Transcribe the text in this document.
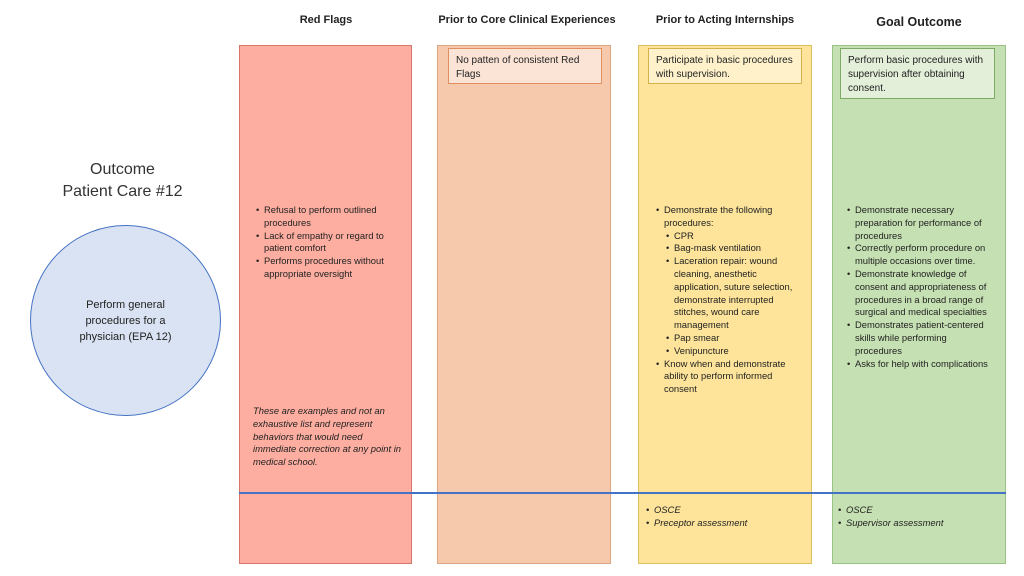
Red Flags	Prior to Core Clinical Experiences	Prior to Acting Internships	Goal Outcome
No patten of consistent Red Flags
Participate in basic procedures with supervision.
Perform basic procedures with supervision after obtaining consent.
Outcome
Patient Care #12
Perform general procedures for a physician (EPA 12)
• Refusal to perform outlined procedures
• Lack of empathy or regard to patient comfort
• Performs procedures without appropriate oversight
These are examples and not an exhaustive list and represent behaviors that would need immediate correction at any point in medical school.
• Demonstrate the following procedures:
• CPR
• Bag-mask ventilation
• Laceration repair: wound cleaning, anesthetic application, suture selection, demonstrate interrupted stitches, wound care management
• Pap smear
• Venipuncture
• Know when and demonstrate ability to perform informed consent
• Demonstrate necessary preparation for performance of procedures
• Correctly perform procedure on multiple occasions over time.
• Demonstrate knowledge of consent and appropriateness of procedures in a broad range of surgical and medical specialties
• Demonstrates patient-centered skills while performing procedures
• Asks for help with complications
• OSCE
• Preceptor assessment
• OSCE
• Supervisor assessment
